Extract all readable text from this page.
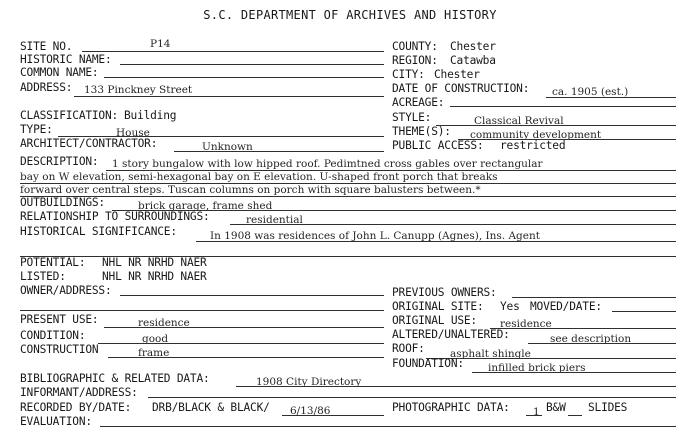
S.C. DEPARTMENT OF ARCHIVES AND HISTORY
SITE NO.	P14
HISTORIC NAME:
COMMON NAME:
ADDRESS: 133 Pinckney Street
CLASSIFICATION: Building
TYPE:	House
ARCHITECT/CONTRACTOR:	Unknown
COUNTY: Chester
REGION: Catawba
CITY: Chester
DATE OF CONSTRUCTION: ca. 1905 (est.)
ACREAGE:
STYLE:	Classical Revival
THEME(S): community development
PUBLIC ACCESS: restricted
DESCRIPTION: 1 story bungalow with low hipped roof. Pedimtned cross gables over rectangular
bay on W elevation, semi-hexagonal bay on E elevation. U-shaped front porch that breaks
forward over central steps. Tuscan columns on porch with square balusters between.*
OUTBUILDINGS:	brick garage, frame shed
RELATIONSHIP TO SURROUNDINGS:	residential
HISTORICAL SIGNIFICANCE:	In 1908 was residences of John L. Canupp (Agnes), Ins. Agent
POTENTIAL: NHL NR NRHD NAER
LISTED:	NHL NR NRHD NAER
OWNER/ADDRESS:	PREVIOUS OWNERS:
ORIGINAL SITE: Yes MOVED/DATE:
PRESENT USE:	residence	ORIGINAL USE: residence
CONDITION:	good	ALTERED/UNALTERED:	see description
CONSTRUCTION	frame	ROOF: asphalt shingle
FOUNDATION: infilled brick piers
BIBLIOGRAPHIC & RELATED DATA:	1908 City Directory
INFORMANT/ADDRESS:
RECORDED BY/DATE: DRB/BLACK & BLACK/ 6/13/86	PHOTOGRAPHIC DATA: 1 B&W SLIDES
EVALUATION:
